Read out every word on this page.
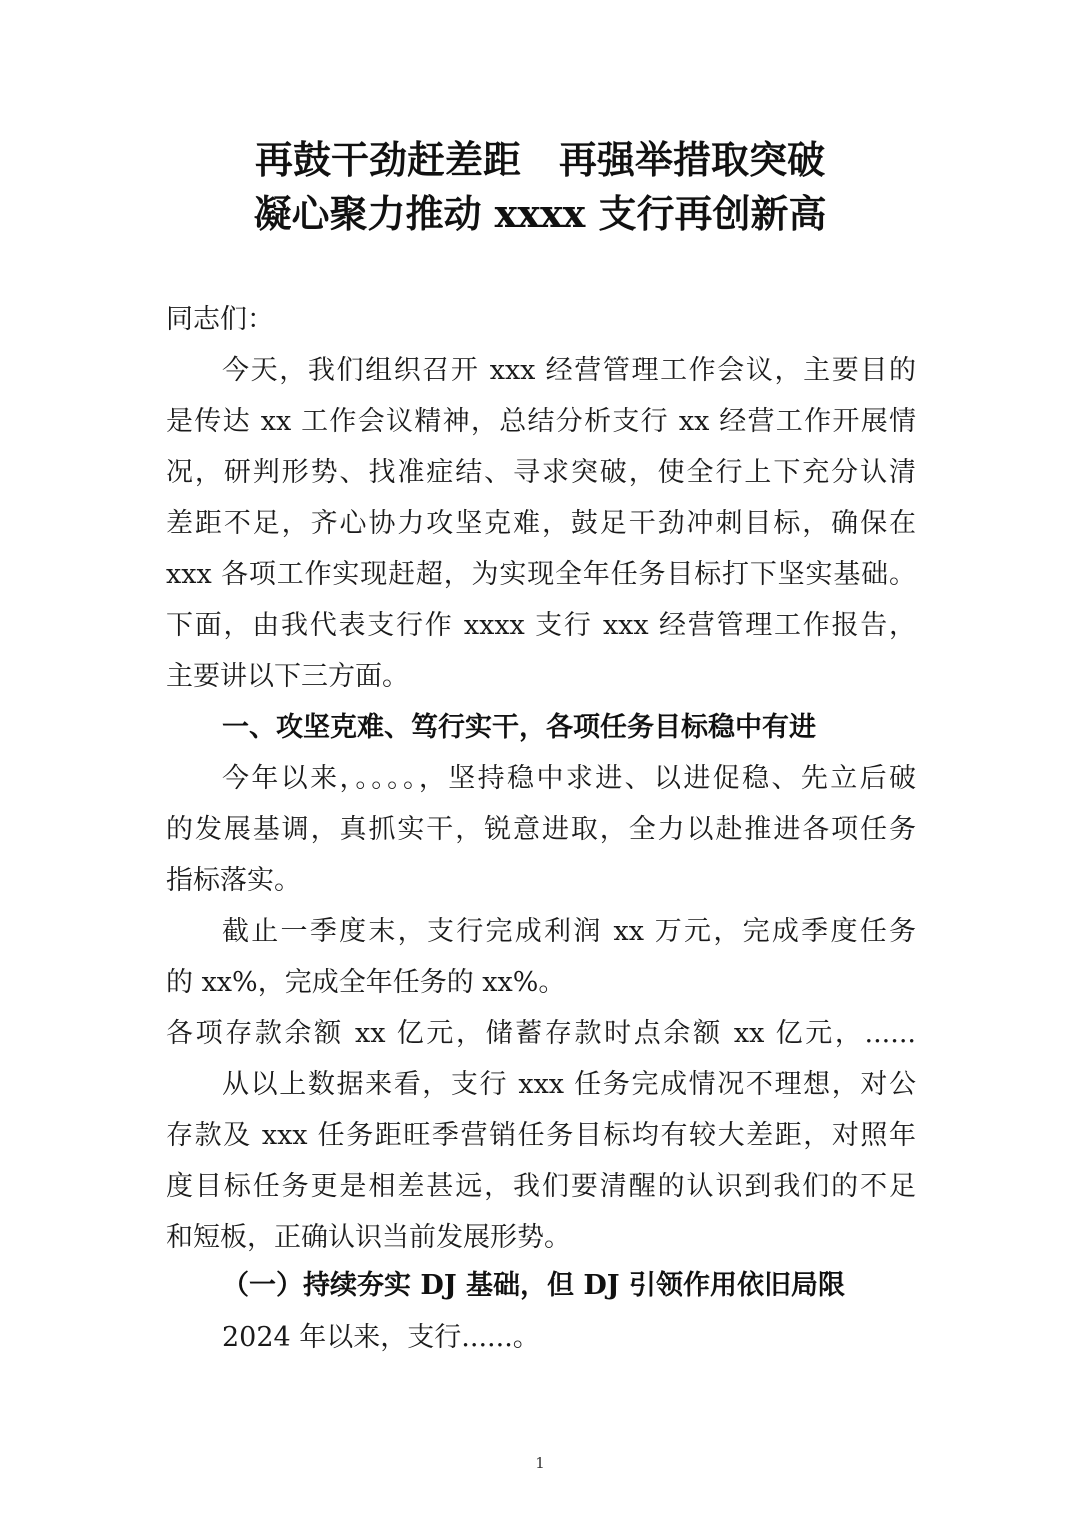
再鼓干劲赶差距　再强举措取突破
凝心聚力推动 xxxx 支行再创新高
同志们：
今天，我们组织召开 xxx 经营管理工作会议，主要目的
是传达 xx 工作会议精神，总结分析支行 xx 经营工作开展情
况，研判形势、找准症结、寻求突破，使全行上下充分认清
差距不足，齐心协力攻坚克难，鼓足干劲冲刺目标，确保在
xxx 各项工作实现赶超，为实现全年任务目标打下坚实基础。
下面，由我代表支行作 xxxx 支行 xxx 经营管理工作报告，
主要讲以下三方面。
一、攻坚克难、笃行实干，各项任务目标稳中有进
今年以来，。。。。，坚持稳中求进、以进促稳、先立后破
的发展基调，真抓实干，锐意进取，全力以赴推进各项任务
指标落实。
截止一季度末，支行完成利润 xx 万元，完成季度任务
的 xx%，完成全年任务的 xx%。
各项存款余额 xx 亿元，储蓄存款时点余额 xx 亿元，......
从以上数据来看，支行 xxx 任务完成情况不理想，对公
存款及 xxx 任务距旺季营销任务目标均有较大差距，对照年
度目标任务更是相差甚远，我们要清醒的认识到我们的不足
和短板，正确认识当前发展形势。
（一）持续夯实 DJ 基础，但 DJ 引领作用依旧局限
2024 年以来，支行......。
1
